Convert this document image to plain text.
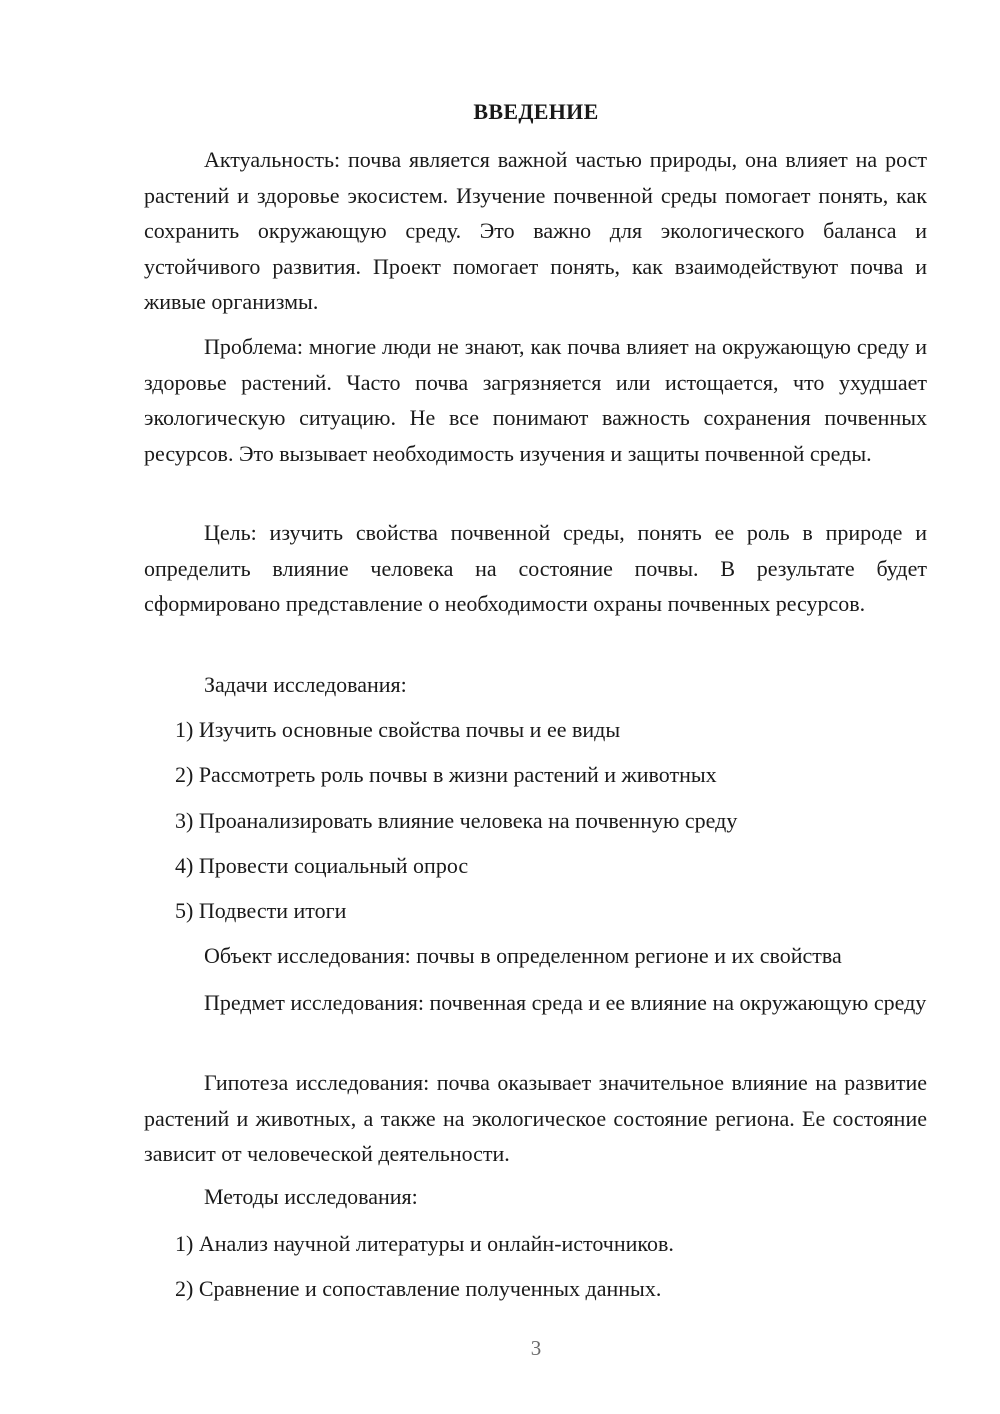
ВВЕДЕНИЕ

Актуальность: почва является важной частью природы, она влияет на рост растений и здоровье экосистем. Изучение почвенной среды помогает понять, как сохранить окружающую среду. Это важно для экологического баланса и устойчивого развития. Проект помогает понять, как взаимодействуют почва и живые организмы.

Проблема: многие люди не знают, как почва влияет на окружающую среду и здоровье растений. Часто почва загрязняется или истощается, что ухудшает экологическую ситуацию. Не все понимают важность сохранения почвенных ресурсов. Это вызывает необходимость изучения и защиты почвенной среды.

Цель: изучить свойства почвенной среды, понять ее роль в природе и определить влияние человека на состояние почвы. В результате будет сформировано представление о необходимости охраны почвенных ресурсов.

Задачи исследования:

1) Изучить основные свойства почвы и ее виды

2) Рассмотреть роль почвы в жизни растений и животных

3) Проанализировать влияние человека на почвенную среду

4) Провести социальный опрос

5) Подвести итоги

Объект исследования: почвы в определенном регионе и их свойства

Предмет исследования: почвенная среда и ее влияние на окружающую среду

Гипотеза исследования: почва оказывает значительное влияние на развитие растений и животных, а также на экологическое состояние региона. Ее состояние зависит от человеческой деятельности.

Методы исследования:

1) Анализ научной литературы и онлайн-источников.

2) Сравнение и сопоставление полученных данных.

3
